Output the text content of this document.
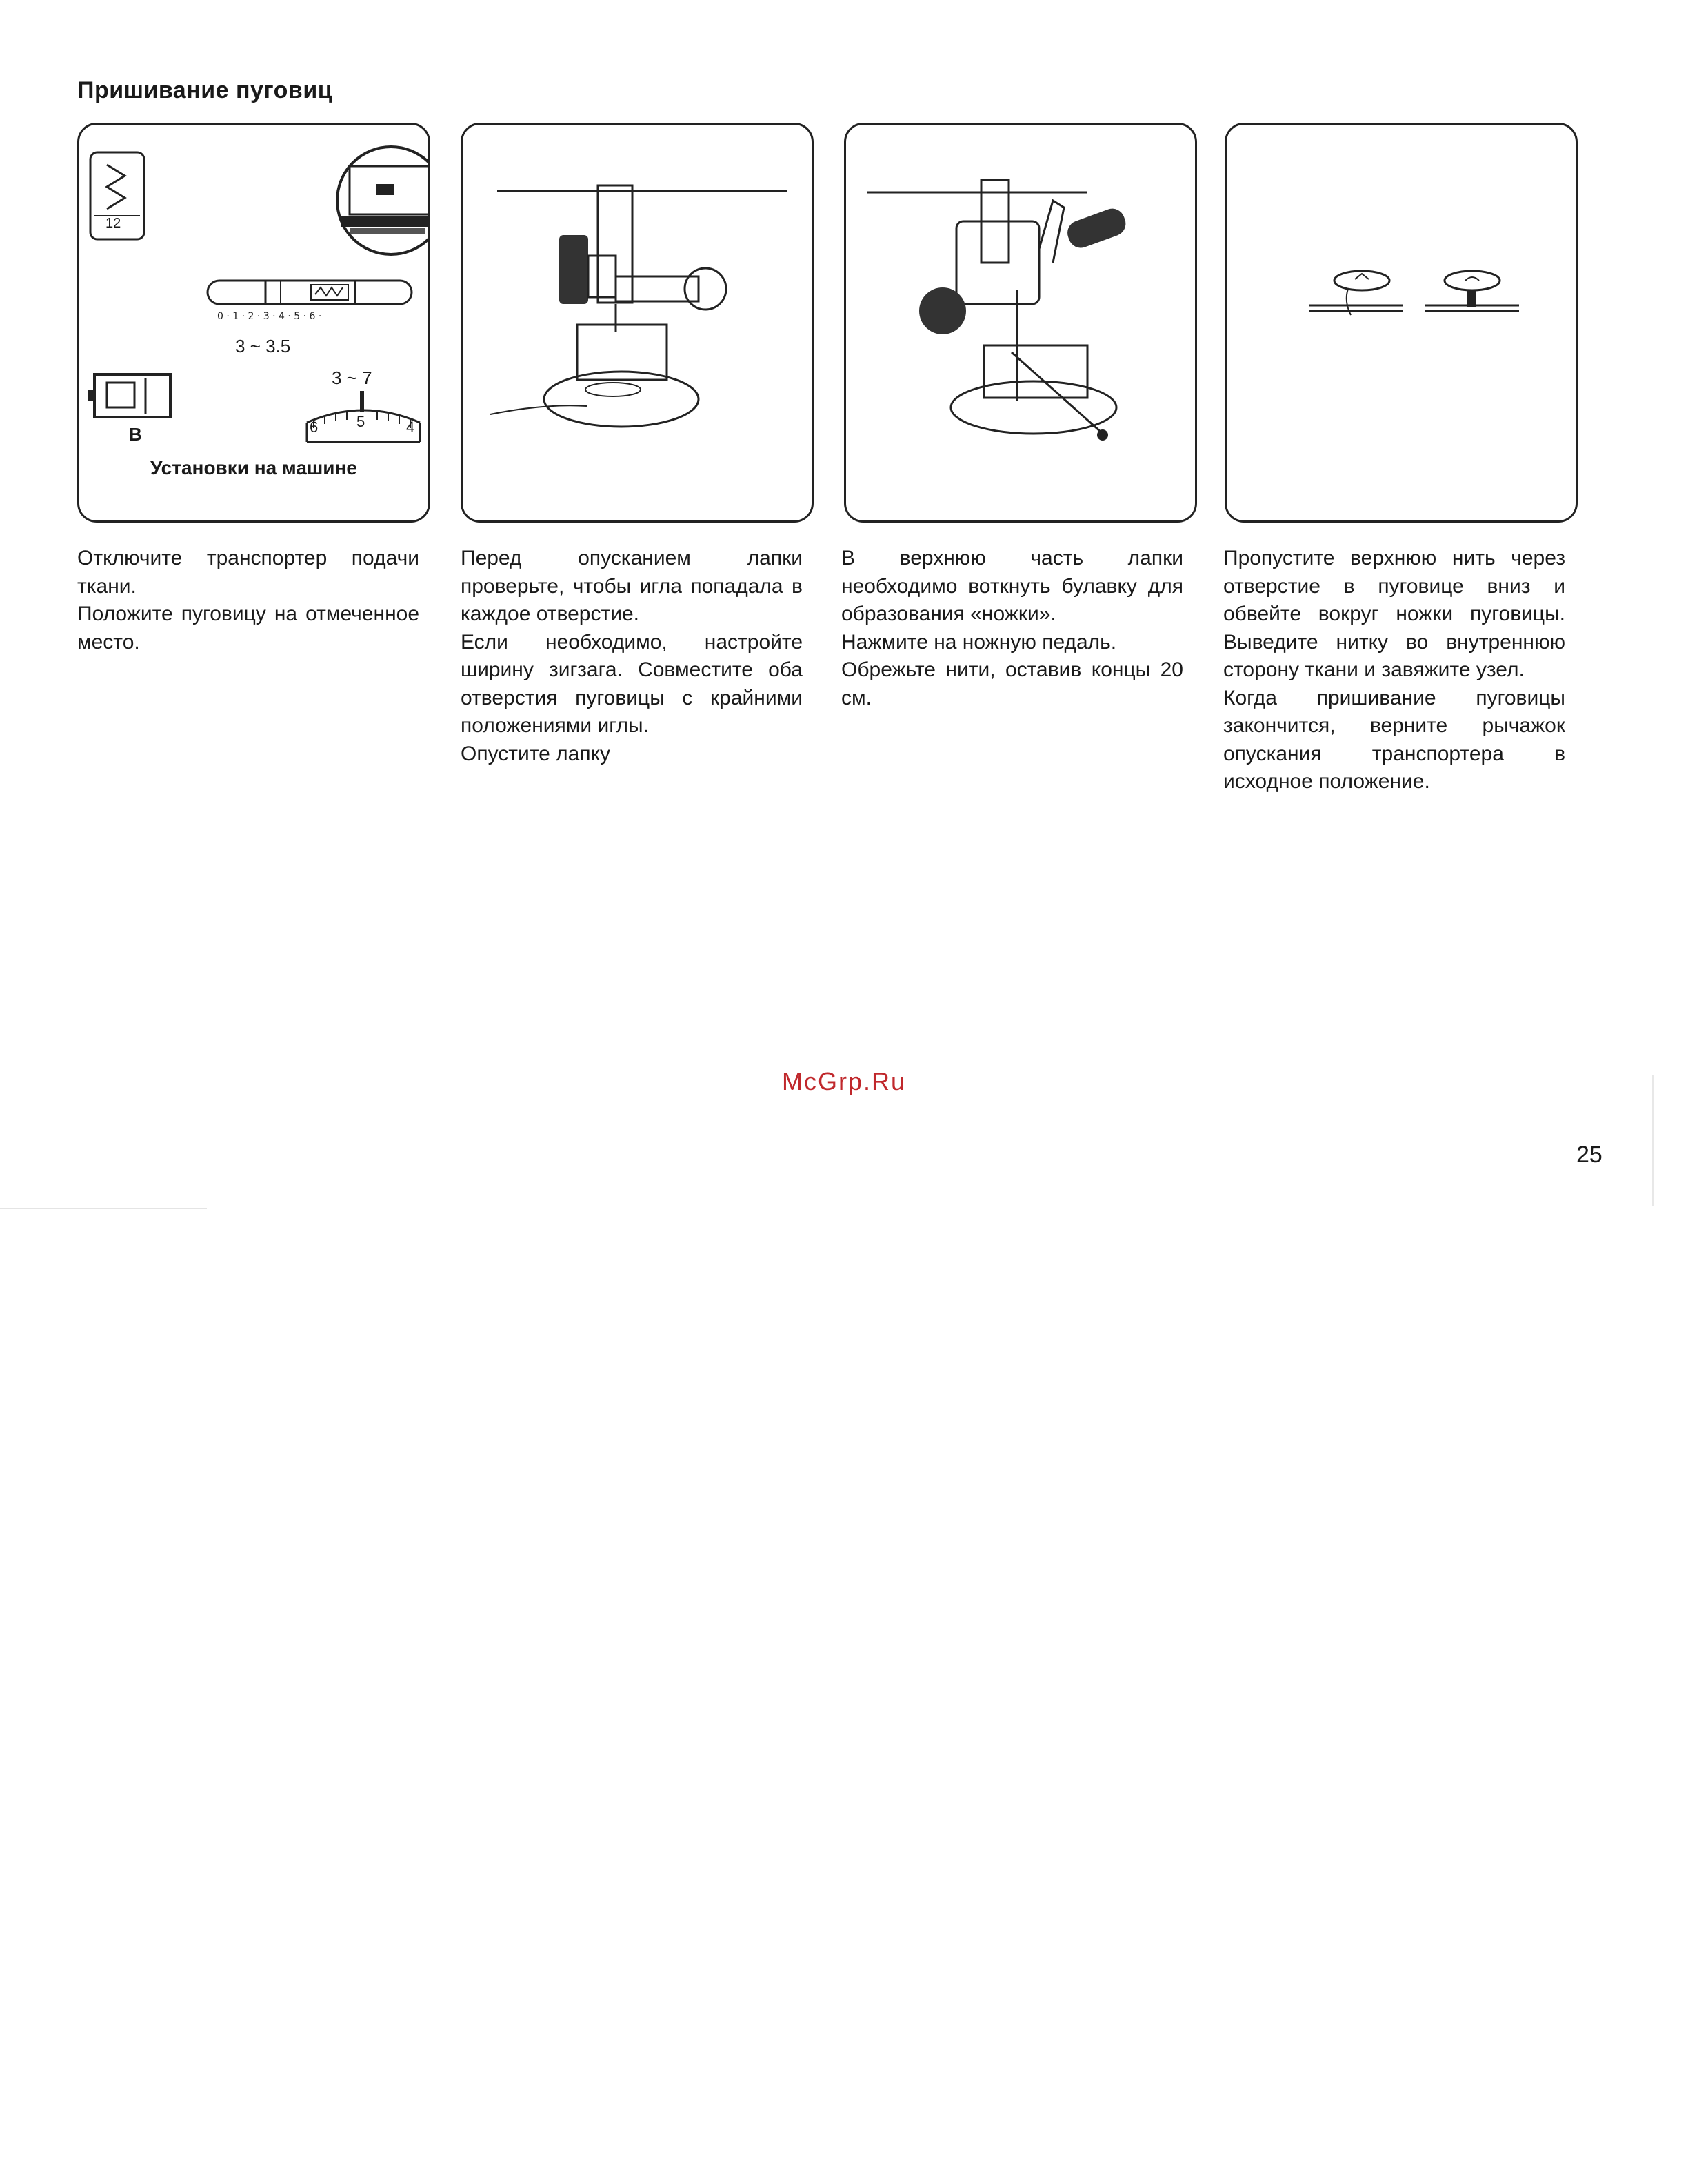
Пришивание пуговиц
0 · 1 · 2 · 3 · 4 · 5 · 6 ·
12
3 ~ 3.5
3 ~ 7
B	6	5	4
Установки на машине

Отключите транспортер подачи ткани.

Положите пуговицу на отмеченное место.

Перед опусканием лапки проверьте, чтобы игла попадала в каждое отверстие.

Если необходимо, настройте ширину зигзага. Совместите оба отверстия пуговицы с крайними положениями иглы.

Опустите лапку

В верхнюю часть лапки необходимо воткнуть булавку для образования «ножки».

Нажмите на ножную педаль.

Обрежьте нити, оставив концы 20 см.

Пропустите верхнюю нить через отверстие в пуговице вниз и обвейте вокруг ножки пуговицы. Выведите нитку во внутреннюю сторону ткани и завяжите узел.

Когда пришивание пуговицы закончится, верните рычажок опускания транспортера в исходное положение.

McGrp.Ru
25
